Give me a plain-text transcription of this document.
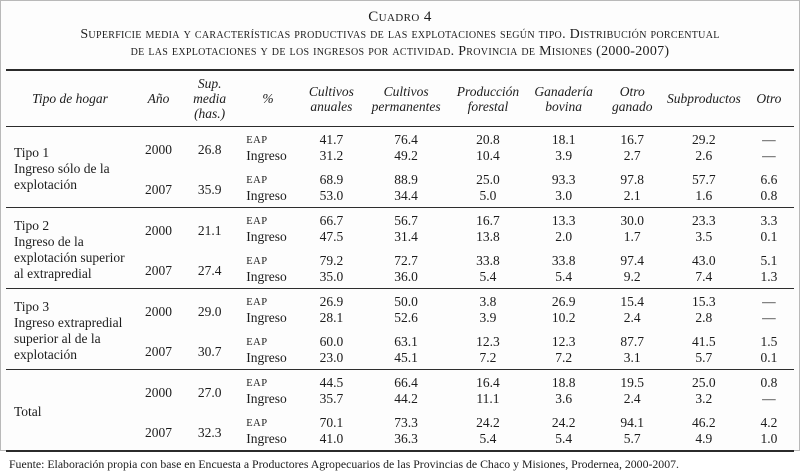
Cuadro 4
Superficie media y características productivas de las explotaciones según tipo. Distribución porcentual
de las explotaciones y de los ingresos por actividad. Provincia de Misiones (2000-2007)
Tipo de hogar	Año	Sup. media (has.)	%	Cultivos anuales	Cultivos permanentes	Producción forestal	Ganadería bovina	Otro ganado	Subproductos	Otro

Tipo 1
Ingreso sólo de la explotación	2000	26.8	EAP	41.7	76.4	20.8	18.1	16.7	29.2	—
			Ingreso	31.2	49.2	10.4	3.9	2.7	2.6	—
	2007	35.9	EAP	68.9	88.9	25.0	93.3	97.8	57.7	6.6
			Ingreso	53.0	34.4	5.0	3.0	2.1	1.6	0.8

Tipo 2
Ingreso de la explotación superior al extrapredial	2000	21.1	EAP	66.7	56.7	16.7	13.3	30.0	23.3	3.3
			Ingreso	47.5	31.4	13.8	2.0	1.7	3.5	0.1
	2007	27.4	EAP	79.2	72.7	33.8	33.8	97.4	43.0	5.1
			Ingreso	35.0	36.0	5.4	5.4	9.2	7.4	1.3

Tipo 3
Ingreso extrapredial superior al de la explotación	2000	29.0	EAP	26.9	50.0	3.8	26.9	15.4	15.3	—
			Ingreso	28.1	52.6	3.9	10.2	2.4	2.8	—
	2007	30.7	EAP	60.0	63.1	12.3	12.3	87.7	41.5	1.5
			Ingreso	23.0	45.1	7.2	7.2	3.1	5.7	0.1

Total	2000	27.0	EAP	44.5	66.4	16.4	18.8	19.5	25.0	0.8
			Ingreso	35.7	44.2	11.1	3.6	2.4	3.2	—
	2007	32.3	EAP	70.1	73.3	24.2	24.2	94.1	46.2	4.2
			Ingreso	41.0	36.3	5.4	5.4	5.7	4.9	1.0
Fuente: Elaboración propia con base en Encuesta a Productores Agropecuarios de las Provincias de Chaco y Misiones, Prodernea, 2000-2007.
